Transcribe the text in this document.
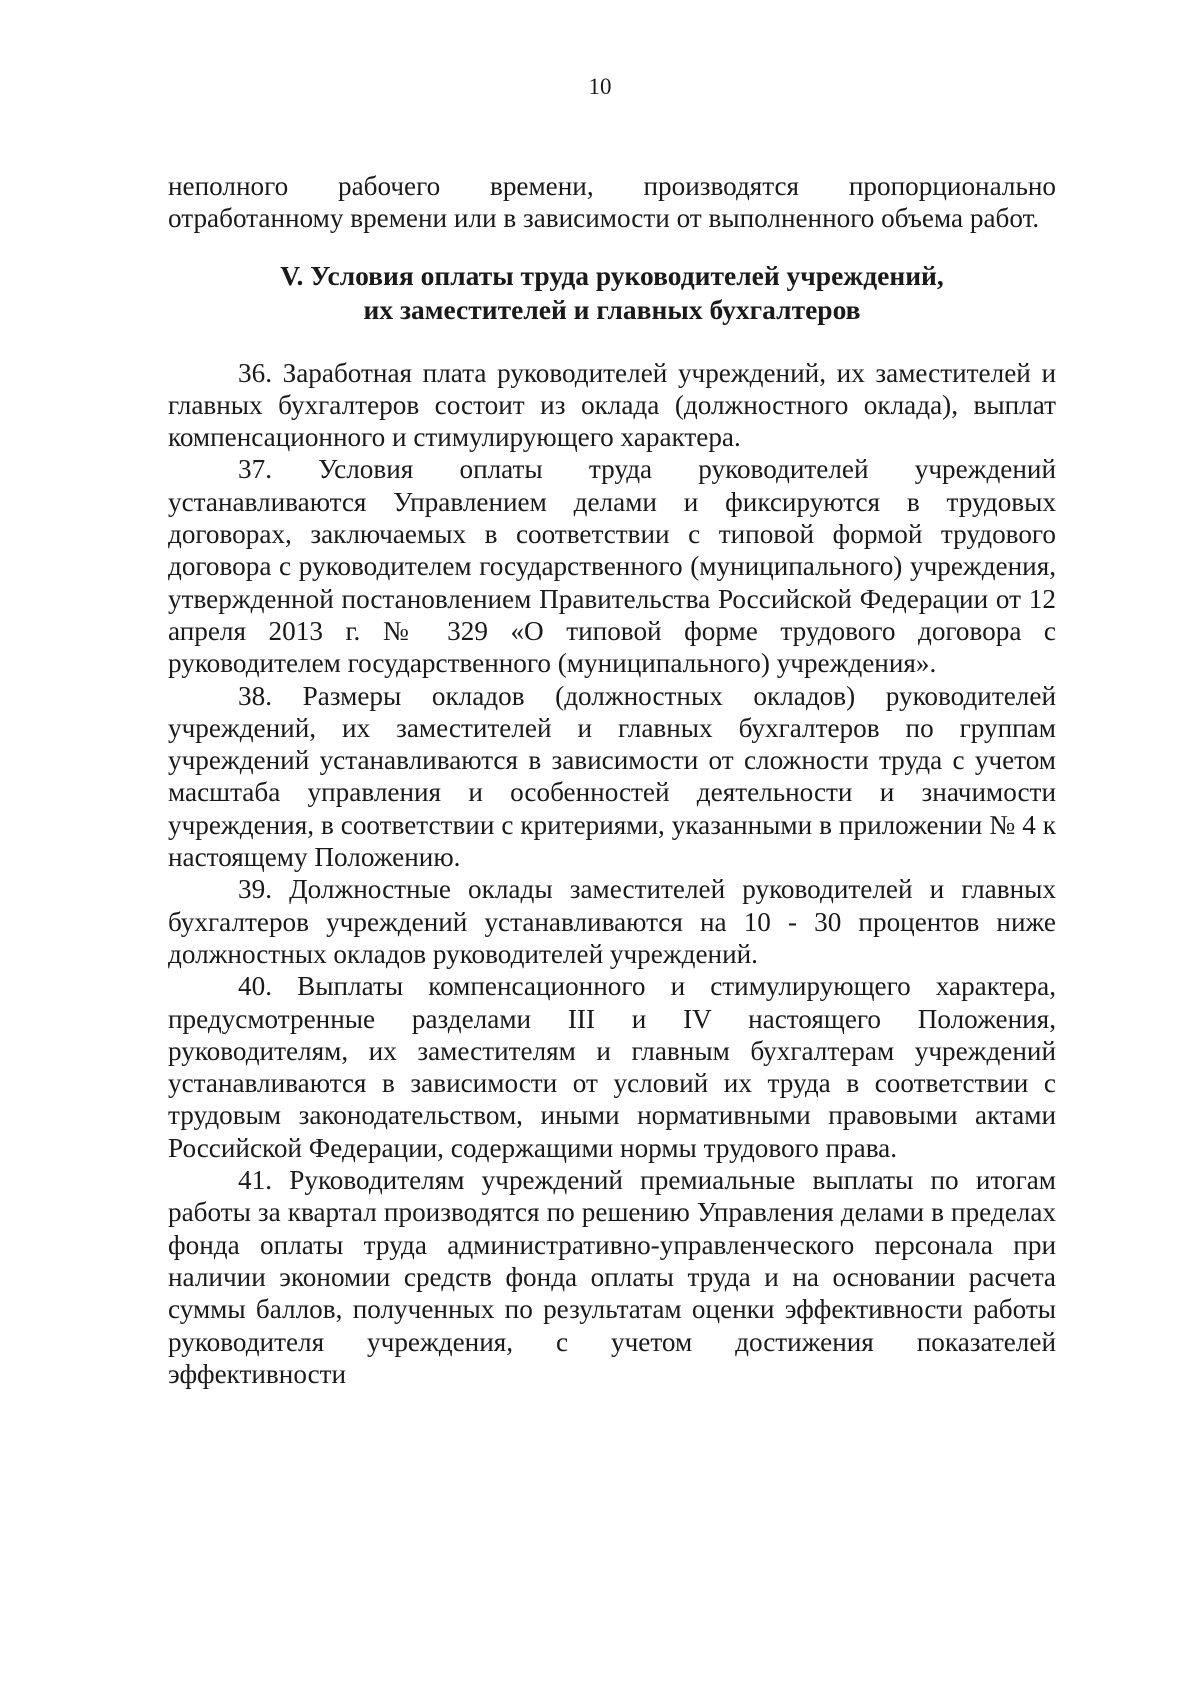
10

неполного рабочего времени, производятся пропорционально отработанному времени или в зависимости от выполненного объема работ.

V. Условия оплаты труда руководителей учреждений,
их заместителей и главных бухгалтеров

36. Заработная плата руководителей учреждений, их заместителей и главных бухгалтеров состоит из оклада (должностного оклада), выплат компенсационного и стимулирующего характера.

37. Условия оплаты труда руководителей учреждений устанавливаются Управлением делами и фиксируются в трудовых договорах, заключаемых в соответствии с типовой формой трудового договора с руководителем государственного (муниципального) учреждения, утвержденной постановлением Правительства Российской Федерации от 12 апреля 2013 г. № 329 «О типовой форме трудового договора с руководителем государственного (муниципального) учреждения».

38. Размеры окладов (должностных окладов) руководителей учреждений, их заместителей и главных бухгалтеров по группам учреждений устанавливаются в зависимости от сложности труда с учетом масштаба управления и особенностей деятельности и значимости учреждения, в соответствии с критериями, указанными в приложении № 4 к настоящему Положению.

39. Должностные оклады заместителей руководителей и главных бухгалтеров учреждений устанавливаются на 10 - 30 процентов ниже должностных окладов руководителей учреждений.

40. Выплаты компенсационного и стимулирующего характера, предусмотренные разделами III и IV настоящего Положения, руководителям, их заместителям и главным бухгалтерам учреждений устанавливаются в зависимости от условий их труда в соответствии с трудовым законодательством, иными нормативными правовыми актами Российской Федерации, содержащими нормы трудового права.

41. Руководителям учреждений премиальные выплаты по итогам работы за квартал производятся по решению Управления делами в пределах фонда оплаты труда административно-управленческого персонала при наличии экономии средств фонда оплаты труда и на основании расчета суммы баллов, полученных по результатам оценки эффективности работы руководителя учреждения, с учетом достижения показателей эффективности
